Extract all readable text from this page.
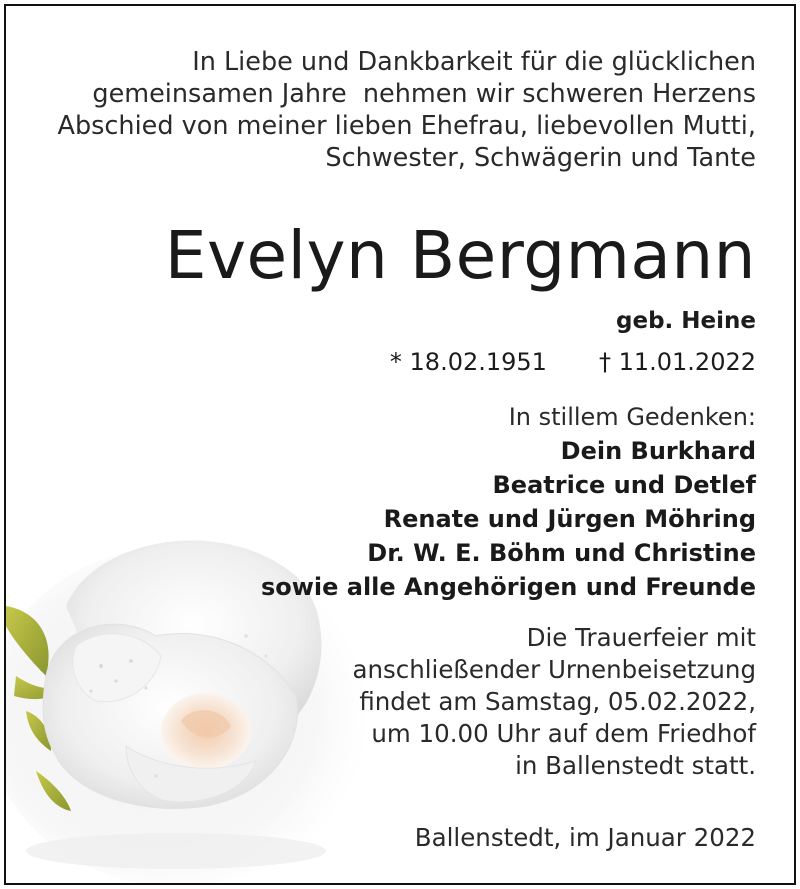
In Liebe und Dankbarkeit für die glücklichen
gemeinsamen Jahre  nehmen wir schweren Herzens
Abschied von meiner lieben Ehefrau, liebevollen Mutti,
Schwester, Schwägerin und Tante
Evelyn Bergmann
geb. Heine
* 18.02.1951 † 11.01.2022
In stillem Gedenken:
Dein Burkhard
Beatrice und Detlef
Renate und Jürgen Möhring
Dr. W. E. Böhm und Christine
sowie alle Angehörigen und Freunde
Die Trauerfeier mit
anschließender Urnenbeisetzung
findet am Samstag, 05.02.2022,
um 10.00 Uhr auf dem Friedhof
in Ballenstedt statt.
Ballenstedt, im Januar 2022
